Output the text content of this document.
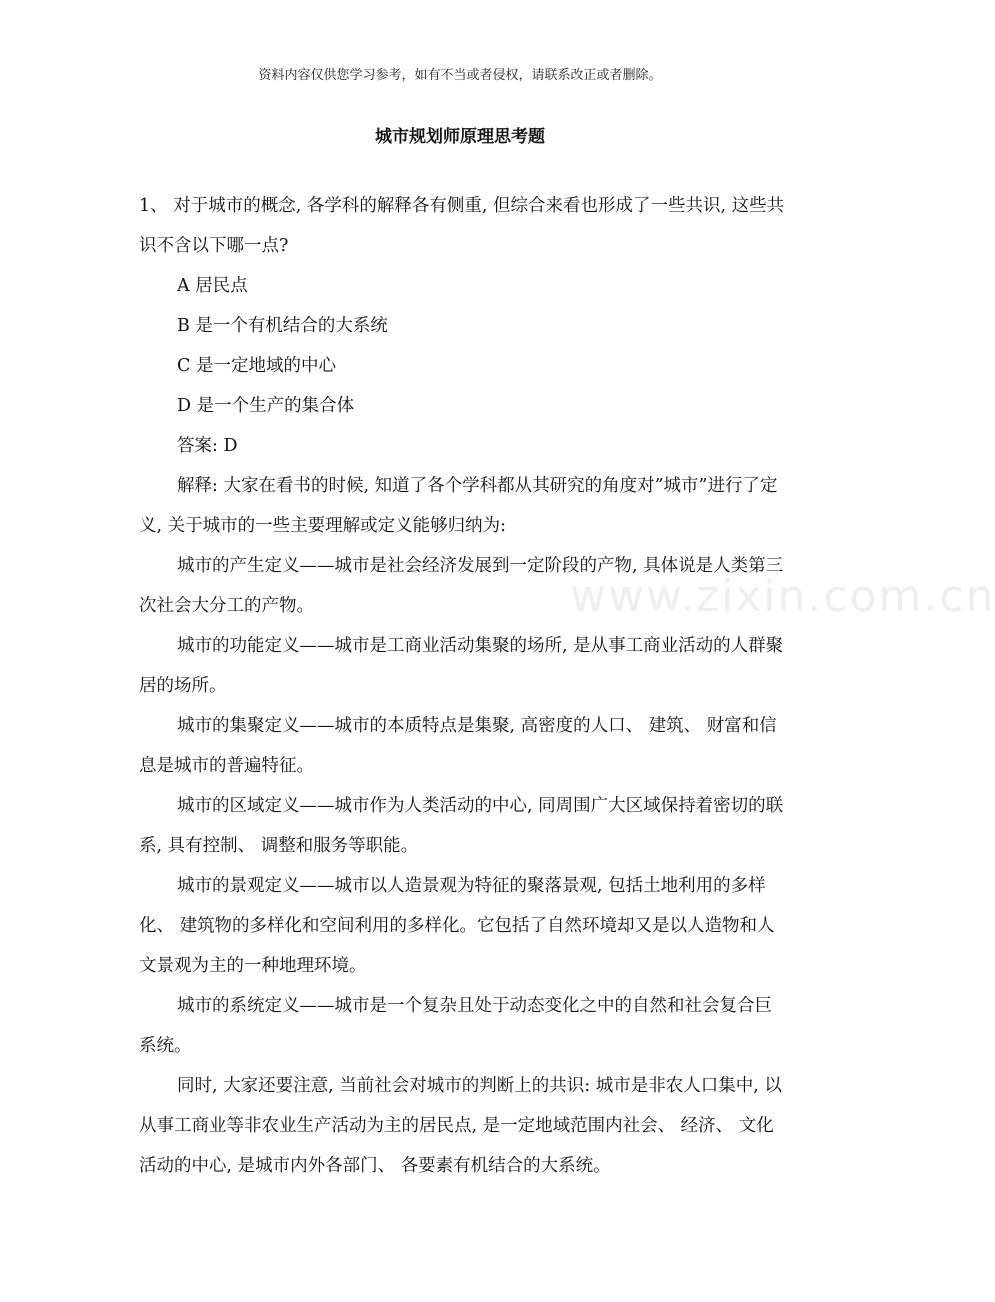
资料内容仅供您学习参考，如有不当或者侵权，请联系改正或者删除。
城市规划师原理思考题

1、 对于城市的概念, 各学科的解释各有侧重, 但综合来看也形成了一些共识, 这些共识不含以下哪一点?

A 居民点

B 是一个有机结合的大系统

C 是一定地域的中心

D 是一个生产的集合体

答案: D

解释: 大家在看书的时候, 知道了各个学科都从其研究的角度对”城市”进行了定义, 关于城市的一些主要理解或定义能够归纳为:

城市的产生定义——城市是社会经济发展到一定阶段的产物, 具体说是人类第三次社会大分工的产物。

城市的功能定义——城市是工商业活动集聚的场所, 是从事工商业活动的人群聚居的场所。

城市的集聚定义——城市的本质特点是集聚, 高密度的人口、 建筑、 财富和信息是城市的普遍特征。

城市的区域定义——城市作为人类活动的中心, 同周围广大区域保持着密切的联系, 具有控制、 调整和服务等职能。

城市的景观定义——城市以人造景观为特征的聚落景观, 包括土地利用的多样化、 建筑物的多样化和空间利用的多样化。它包括了自然环境却又是以人造物和人文景观为主的一种地理环境。

城市的系统定义——城市是一个复杂且处于动态变化之中的自然和社会复合巨系统。

同时, 大家还要注意, 当前社会对城市的判断上的共识: 城市是非农人口集中, 以从事工商业等非农业生产活动为主的居民点, 是一定地域范围内社会、 经济、 文化活动的中心, 是城市内外各部门、 各要素有机结合的大系统。

www.zixin.com.cn
